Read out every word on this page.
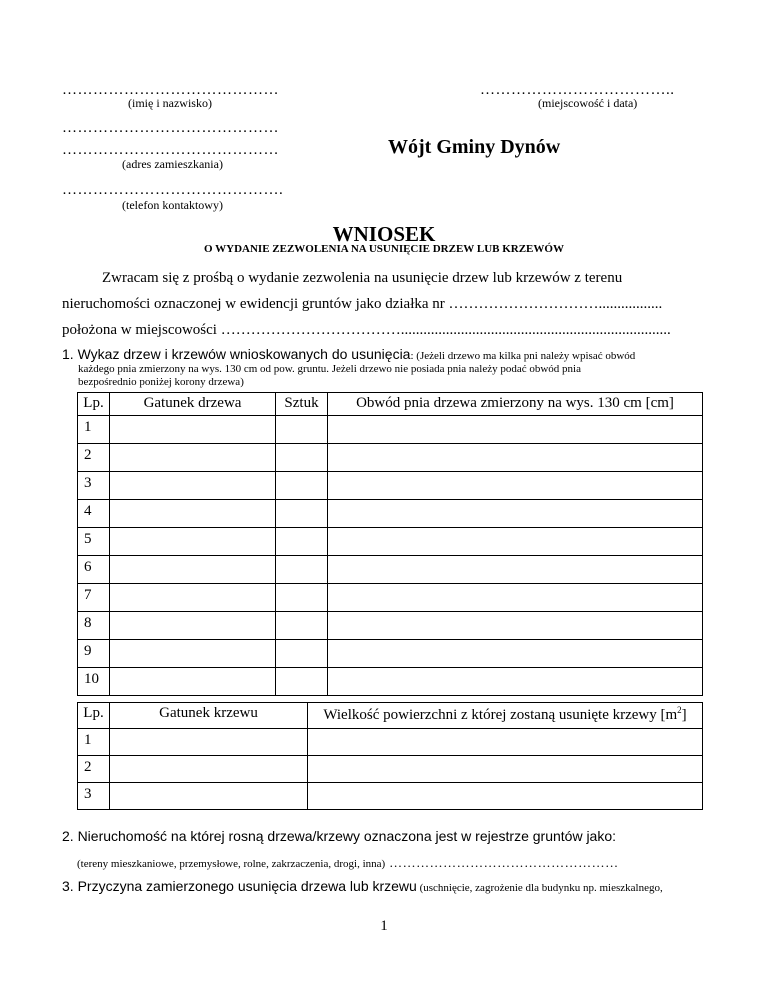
……………………………………
(imię i nazwisko)
………………………………..
(miejscowość i data)
……………………………………
……………………………………
(adres zamieszkania)
Wójt Gminy Dynów
…………………………………….
(telefon kontaktowy)
WNIOSEK
O WYDANIE ZEZWOLENIA NA USUNIĘCIE DRZEW LUB KRZEWÓW
Zwracam się z prośbą o wydanie zezwolenia na usunięcie drzew lub krzewów z terenu
nieruchomości oznaczonej w ewidencji gruntów jako działka nr ………………………….................
położona w miejscowości ………………………………........................................................................
1. Wykaz drzew i krzewów wnioskowanych do usunięcia: (Jeżeli drzewo ma kilka pni należy wpisać obwód
każdego pnia zmierzony na wys. 130 cm od pow. gruntu. Jeżeli drzewo nie posiada pnia należy podać obwód pnia
bezpośrednio poniżej korony drzewa)
Lp.	Gatunek drzewa	Sztuk	Obwód pnia drzewa zmierzony na wys. 130 cm [cm]
1			
2			
3			
4			
5			
6			
7			
8			
9			
10			
Lp.	Gatunek krzewu	Wielkość powierzchni z której zostaną usunięte krzewy $[m^2]$
1		
2		
3		
2. Nieruchomość na której rosną drzewa/krzewy oznaczona jest w rejestrze gruntów jako:
(tereny mieszkaniowe, przemysłowe, rolne, zakrzaczenia, drogi, inna) ……………………………………………
3. Przyczyna zamierzonego usunięcia drzewa lub krzewu (uschnięcie, zagrożenie dla budynku np. mieszkalnego,
1
